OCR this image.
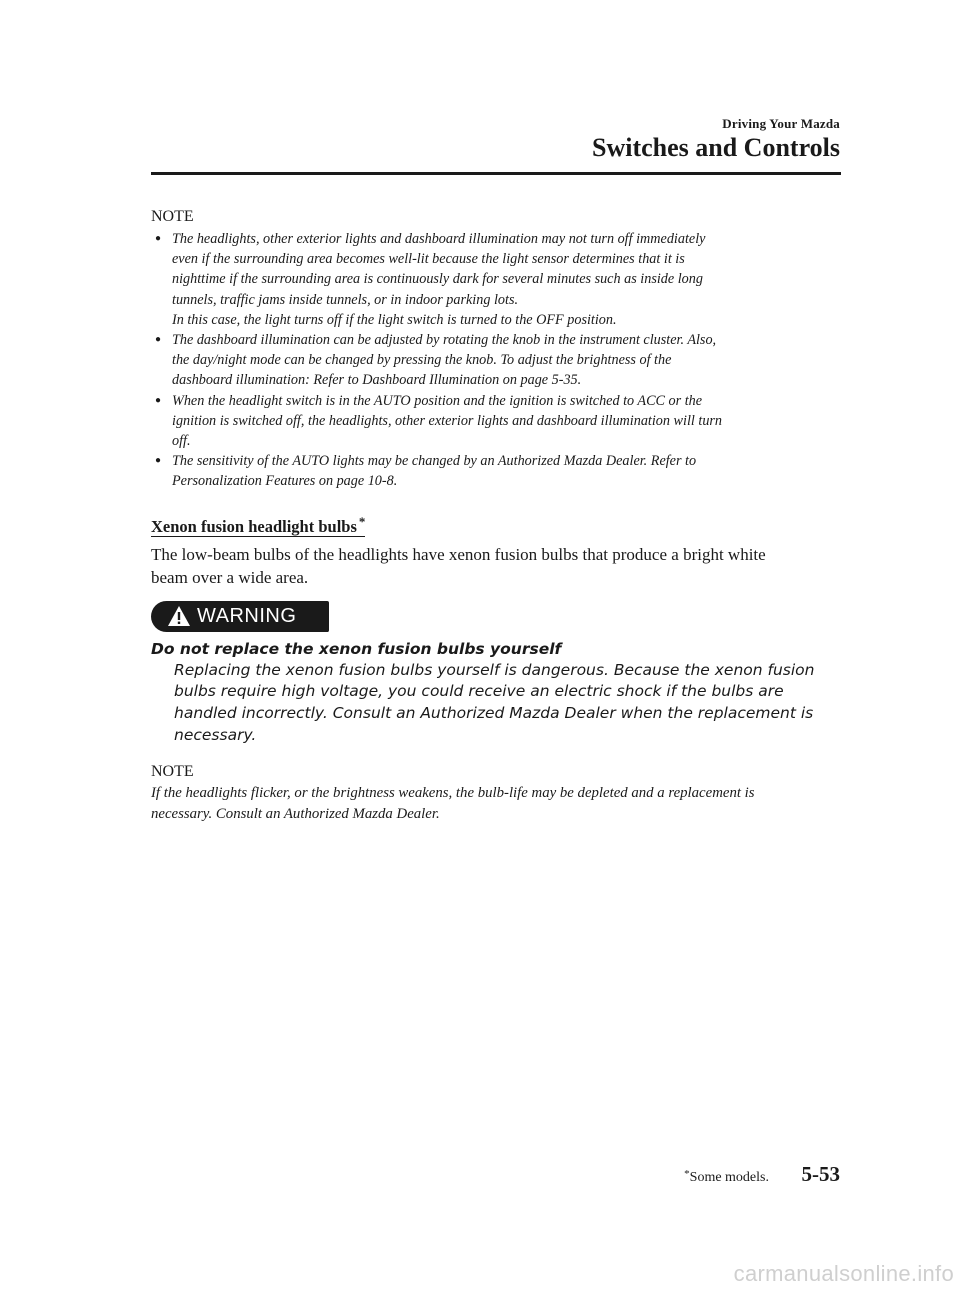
Driving Your Mazda
Switches and Controls
NOTE
● The headlights, other exterior lights and dashboard illumination may not turn off immediately
even if the surrounding area becomes well-lit because the light sensor determines that it is
nighttime if the surrounding area is continuously dark for several minutes such as inside long
tunnels, traffic jams inside tunnels, or in indoor parking lots.
In this case, the light turns off if the light switch is turned to the OFF position.
● The dashboard illumination can be adjusted by rotating the knob in the instrument cluster. Also,
the day/night mode can be changed by pressing the knob. To adjust the brightness of the
dashboard illumination: Refer to Dashboard Illumination on page 5-35.
● When the headlight switch is in the AUTO position and the ignition is switched to ACC or the
ignition is switched off, the headlights, other exterior lights and dashboard illumination will turn
off.
● The sensitivity of the AUTO lights may be changed by an Authorized Mazda Dealer. Refer to
Personalization Features on page 10-8.
Xenon fusion headlight bulbs *

The low-beam bulbs of the headlights have xenon fusion bulbs that produce a bright white
beam over a wide area.

WARNING
Do not replace the xenon fusion bulbs yourself
Replacing the xenon fusion bulbs yourself is dangerous. Because the xenon fusion
bulbs require high voltage, you could receive an electric shock if the bulbs are
handled incorrectly. Consult an Authorized Mazda Dealer when the replacement is
necessary.
NOTE

If the headlights flicker, or the brightness weakens, the bulb-life may be depleted and a replacement is
necessary. Consult an Authorized Mazda Dealer.

*Some models. 5-53
carmanualsonline.info
